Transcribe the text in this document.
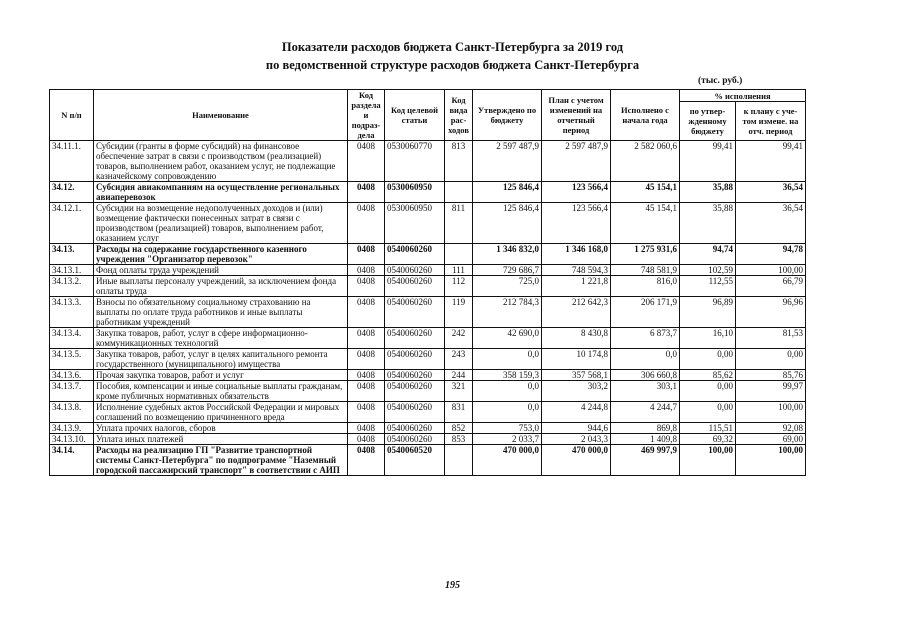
Показатели расходов бюджета Санкт-Петербурга за 2019 год
по ведомственной структуре расходов бюджета Санкт-Петербурга
(тыс. руб.)
N п/п	Наименование	Код раздела и подраз-дела	Код целевой статьи	Код вида рас-ходов	Утверждено по бюджету	План с учетом изменений на отчетный период	Исполнено с начала года	% исполнения	
								по утвер-жденному бюджету	к плану с уче-том измене. на отч. период
34.11.1.	Субсидии (гранты в форме субсидий) на финансовое обеспечение затрат в связи с производством (реализацией) товаров, выполнением работ, оказанием услуг, не подлежащие казначейскому сопровождению	0408	0530060770	813	2 597 487,9	2 597 487,9	2 582 060,6	99,41	99,41
34.12.	Субсидия авиакомпаниям на осуществление региональных авиаперевозок	0408	0530060950		125 846,4	123 566,4	45 154,1	35,88	36,54
34.12.1.	Субсидии на возмещение недополученных доходов и (или) возмещение фактически понесенных затрат в связи с производством (реализацией) товаров, выполнением работ, оказанием услуг	0408	0530060950	811	125 846,4	123 566,4	45 154,1	35,88	36,54
34.13.	Расходы на содержание государственного казенного учреждения "Организатор перевозок"	0408	0540060260		1 346 832,0	1 346 168,0	1 275 931,6	94,74	94,78
34.13.1.	Фонд оплаты труда учреждений	0408	0540060260	111	729 686,7	748 594,3	748 581,9	102,59	100,00
34.13.2.	Иные выплаты персоналу учреждений, за исключением фонда оплаты труда	0408	0540060260	112	725,0	1 221,8	816,0	112,55	66,79
34.13.3.	Взносы по обязательному социальному страхованию на выплаты по оплате труда работников и иные выплаты работникам учреждений	0408	0540060260	119	212 784,3	212 642,3	206 171,9	96,89	96,96
34.13.4.	Закупка товаров, работ, услуг в сфере информационно-коммуникационных технологий	0408	0540060260	242	42 690,0	8 430,8	6 873,7	16,10	81,53
34.13.5.	Закупка товаров, работ, услуг в целях капитального ремонта государственного (муниципального) имущества	0408	0540060260	243	0,0	10 174,8	0,0	0,00	0,00
34.13.6.	Прочая закупка товаров, работ и услуг	0408	0540060260	244	358 159,3	357 568,1	306 660,8	85,62	85,76
34.13.7.	Пособия, компенсации и иные социальные выплаты гражданам, кроме публичных нормативных обязательств	0408	0540060260	321	0,0	303,2	303,1	0,00	99,97
34.13.8.	Исполнение судебных актов Российской Федерации и мировых соглашений по возмещению причиненного вреда	0408	0540060260	831	0,0	4 244,8	4 244,7	0,00	100,00
34.13.9.	Уплата прочих налогов, сборов	0408	0540060260	852	753,0	944,6	869,8	115,51	92,08
34.13.10.	Уплата иных платежей	0408	0540060260	853	2 033,7	2 043,3	1 409,8	69,32	69,00
34.14.	Расходы на реализацию ГП "Развитие транспортной системы Санкт-Петербурга" по подпрограмме "Наземный городской пассажирский транспорт" в соответствии с АИП	0408	0540060520		470 000,0	470 000,0	469 997,9	100,00	100,00
195
